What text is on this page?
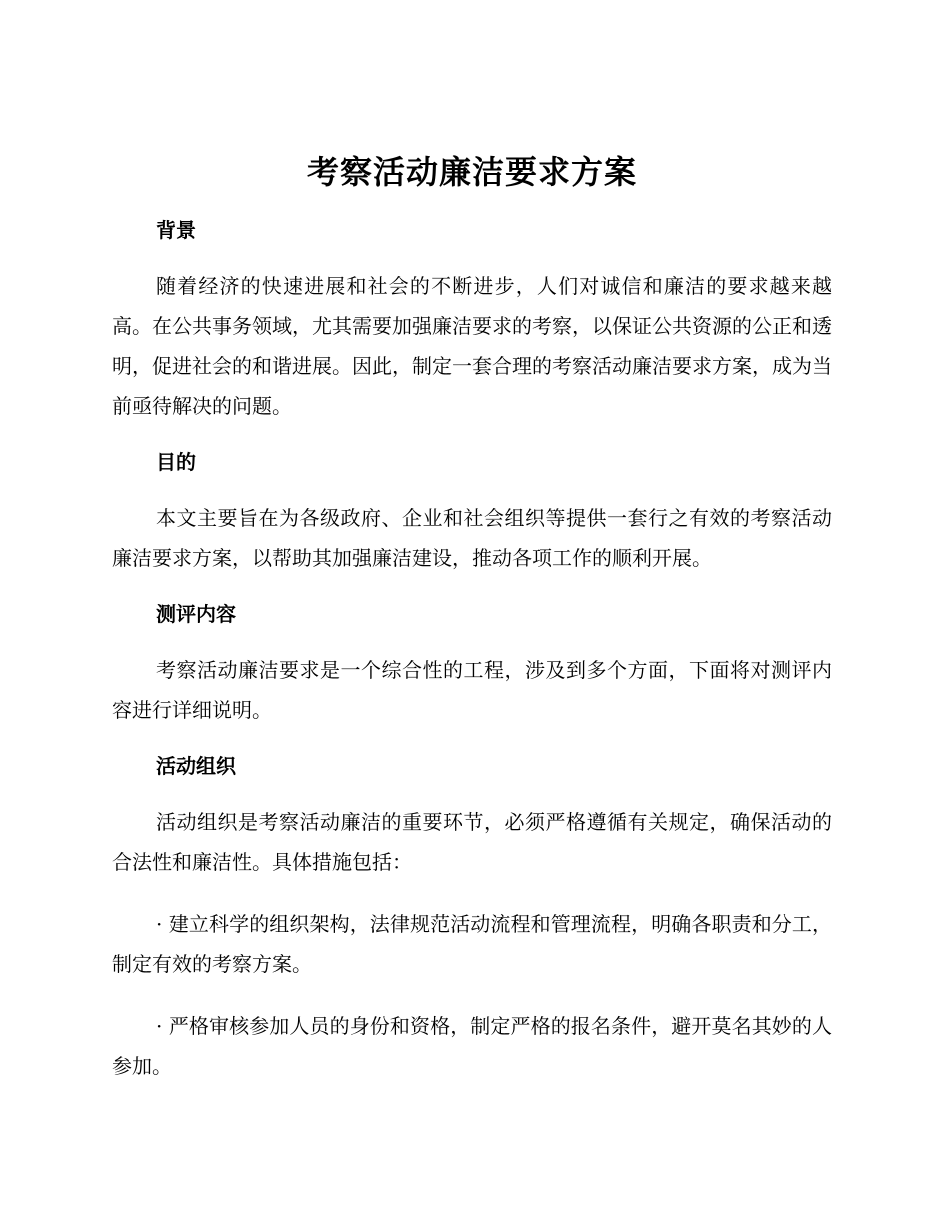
考察活动廉洁要求方案
背景

随着经济的快速进展和社会的不断进步，人们对诚信和廉洁的要求越来越高。在公共事务领域，尤其需要加强廉洁要求的考察，以保证公共资源的公正和透明，促进社会的和谐进展。因此，制定一套合理的考察活动廉洁要求方案，成为当前亟待解决的问题。

目的

本文主要旨在为各级政府、企业和社会组织等提供一套行之有效的考察活动廉洁要求方案，以帮助其加强廉洁建设，推动各项工作的顺利开展。

测评内容

考察活动廉洁要求是一个综合性的工程，涉及到多个方面，下面将对测评内容进行详细说明。

活动组织

活动组织是考察活动廉洁的重要环节，必须严格遵循有关规定，确保活动的合法性和廉洁性。具体措施包括：

· 建立科学的组织架构，法律规范活动流程和管理流程，明确各职责和分工，制定有效的考察方案。

· 严格审核参加人员的身份和资格，制定严格的报名条件，避开莫名其妙的人参加。
